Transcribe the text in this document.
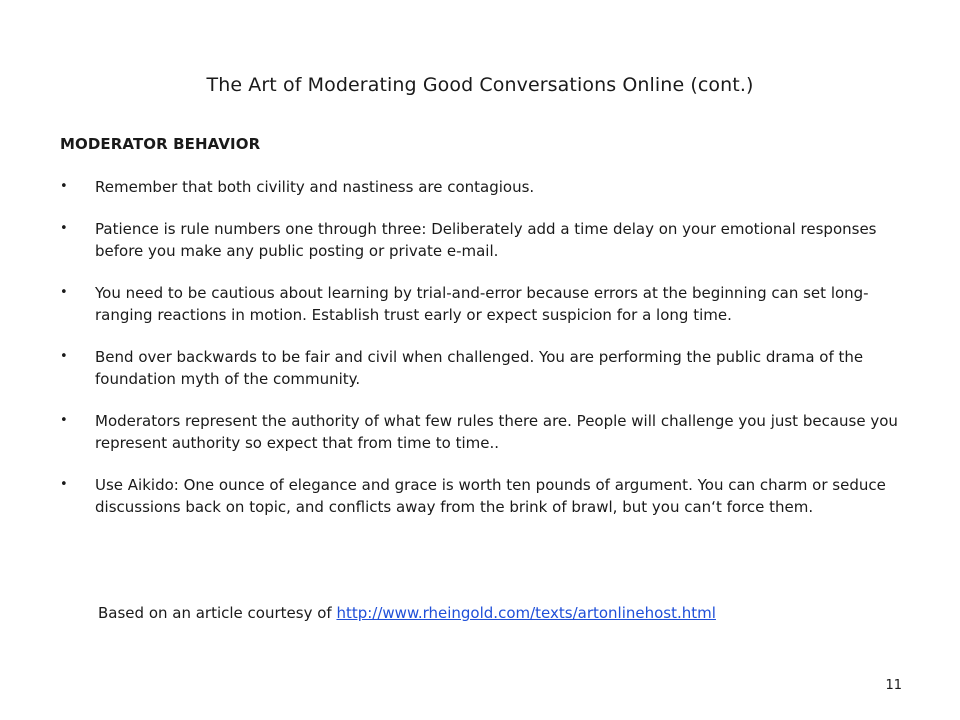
The Art of Moderating Good Conversations Online (cont.)
MODERATOR BEHAVIOR
•	Remember that both civility and nastiness are contagious.
•	Patience is rule numbers one through three: Deliberately add a time delay on your emotional responses before you make any public posting or private e-mail.
•	You need to be cautious about learning by trial-and-error because errors at the beginning can set long-ranging reactions in motion. Establish trust early or expect suspicion for a long time.
•	Bend over backwards to be fair and civil when challenged. You are performing the public drama of the foundation myth of the community.
•	Moderators represent the authority of what few rules there are. People will challenge you just because you represent authority so expect that from time to time..
•	Use Aikido: One ounce of elegance and grace is worth ten pounds of argument. You can charm or seduce discussions back on topic, and conflicts away from the brink of brawl, but you can‘t force them.
Based on an article courtesy of http://www.rheingold.com/texts/artonlinehost.html
11
